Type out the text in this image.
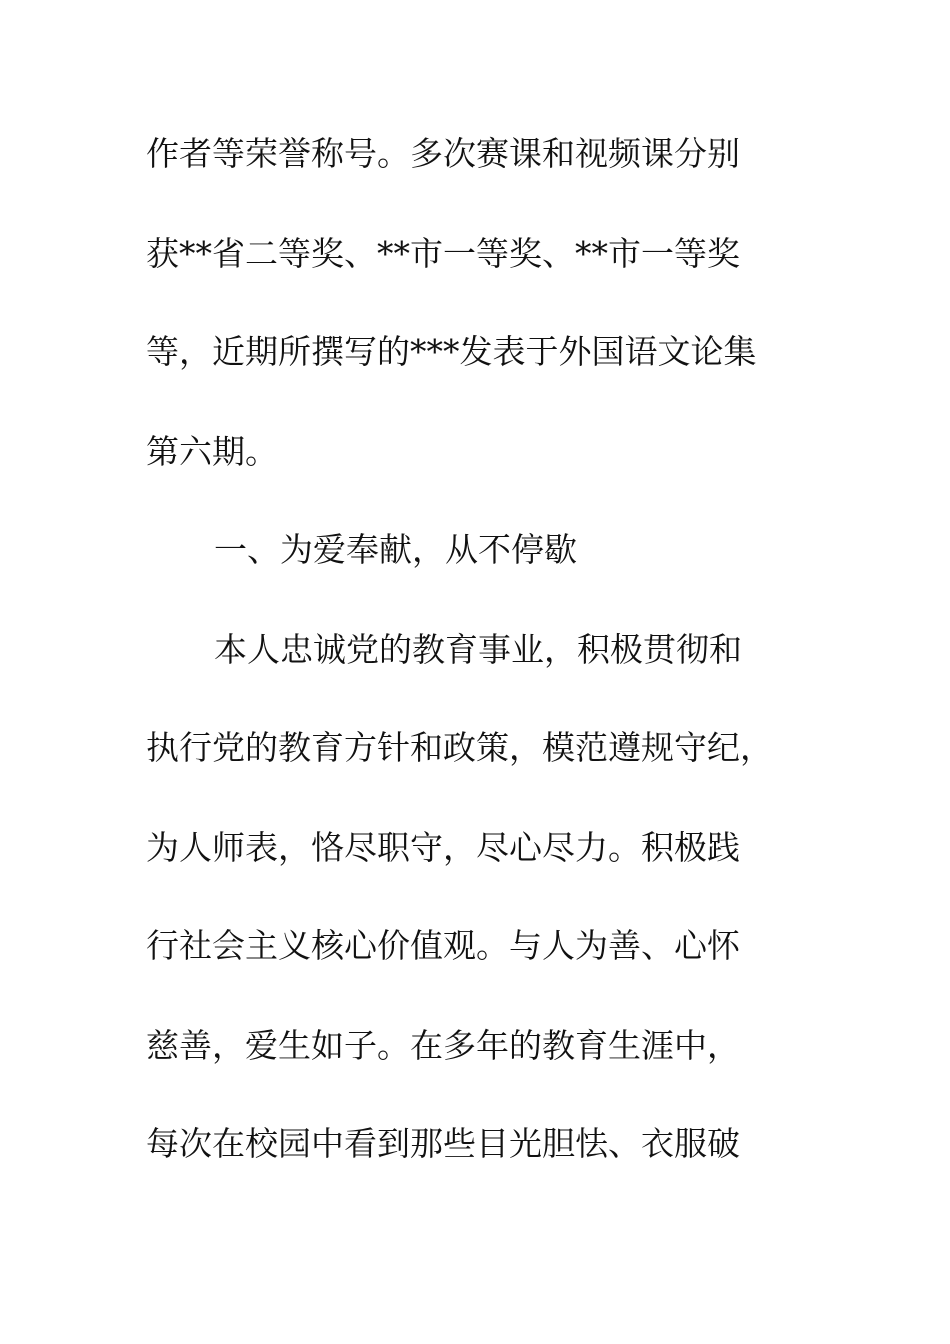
作者等荣誉称号。多次赛课和视频课分别
获**省二等奖、**市一等奖、**市一等奖
等，近期所撰写的***发表于外国语文论集
第六期。
一、为爱奉献，从不停歇
本人忠诚党的教育事业，积极贯彻和
执行党的教育方针和政策，模范遵规守纪，
为人师表，恪尽职守，尽心尽力。积极践
行社会主义核心价值观。与人为善、心怀
慈善，爱生如子。在多年的教育生涯中，
每次在校园中看到那些目光胆怯、衣服破
